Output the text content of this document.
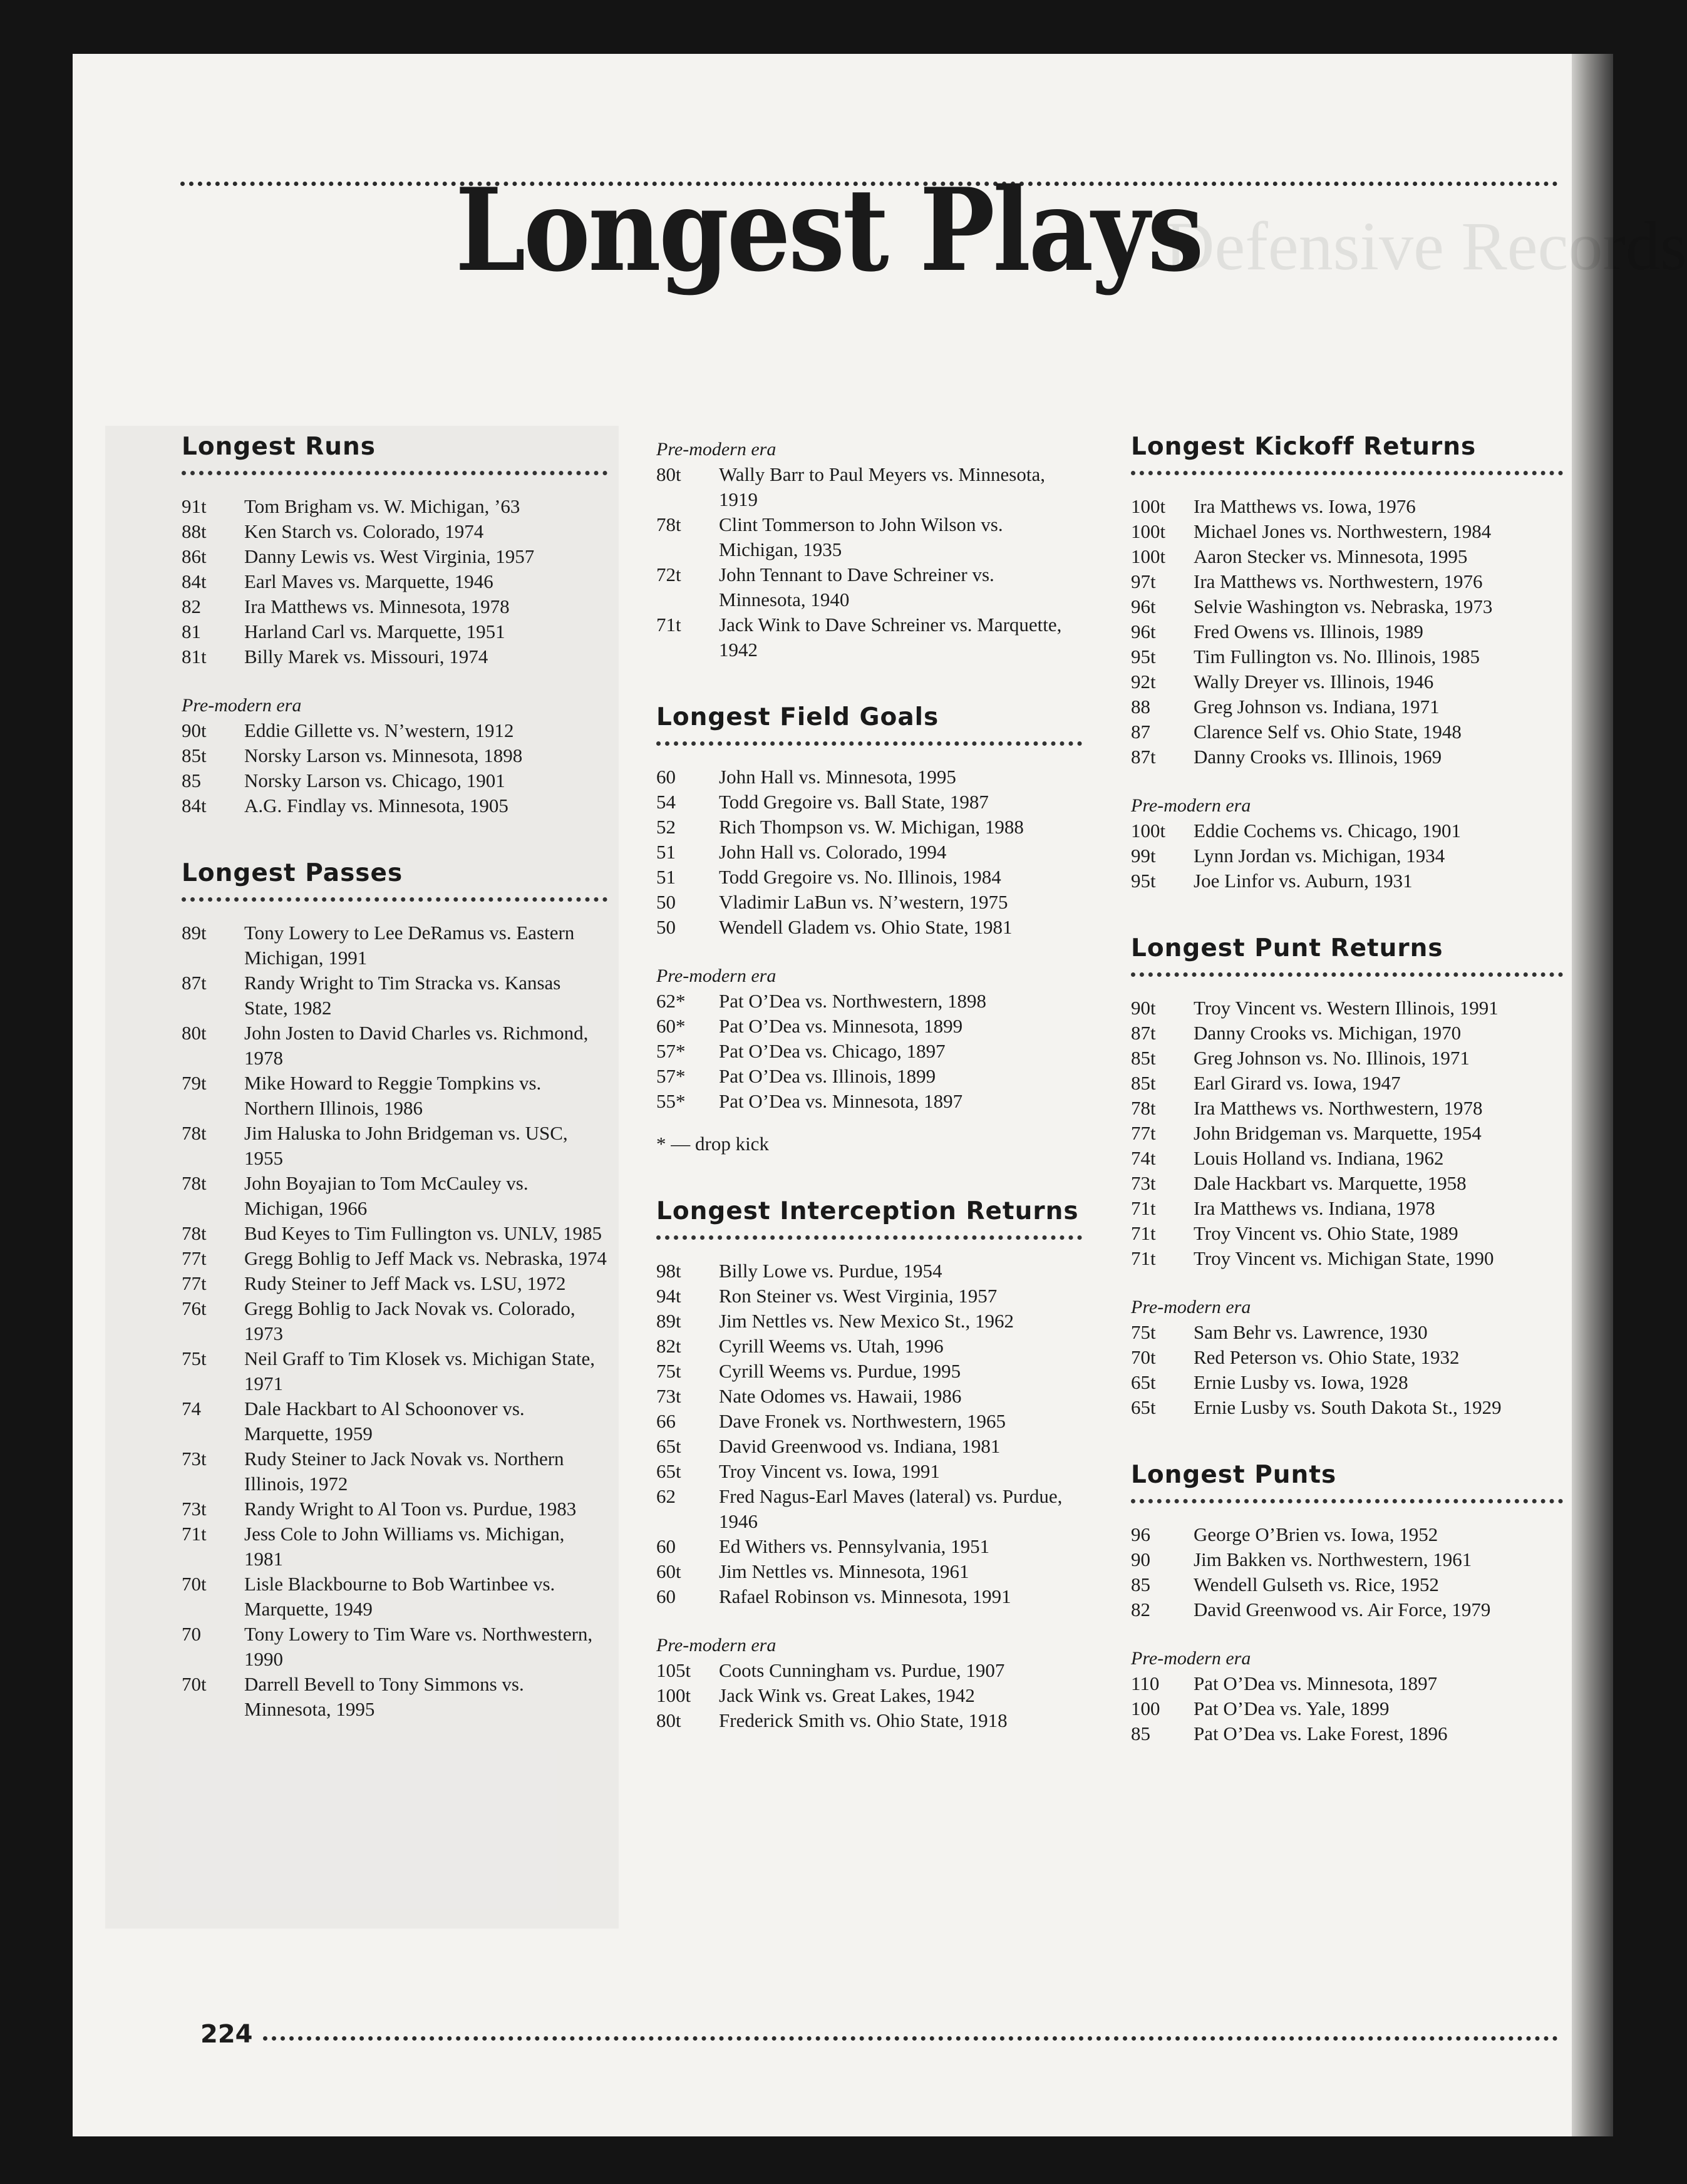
Defensive Records
Longest Plays
Longest Runs
91t	Tom Brigham vs. W. Michigan, ’63
88t	Ken Starch vs. Colorado, 1974
86t	Danny Lewis vs. West Virginia, 1957
84t	Earl Maves vs. Marquette, 1946
82	Ira Matthews vs. Minnesota, 1978
81	Harland Carl vs. Marquette, 1951
81t	Billy Marek vs. Missouri, 1974
Pre-modern era
90t	Eddie Gillette vs. N’western, 1912
85t	Norsky Larson vs. Minnesota, 1898
85	Norsky Larson vs. Chicago, 1901
84t	A.G. Findlay vs. Minnesota, 1905
Longest Passes
89t	Tony Lowery to Lee DeRamus vs. Eastern Michigan, 1991
87t	Randy Wright to Tim Stracka vs. Kansas State, 1982
80t	John Josten to David Charles vs. Richmond, 1978
79t	Mike Howard to Reggie Tompkins vs. Northern Illinois, 1986
78t	Jim Haluska to John Bridgeman vs. USC, 1955
78t	John Boyajian to Tom McCauley vs. Michigan, 1966
78t	Bud Keyes to Tim Fullington vs. UNLV, 1985
77t	Gregg Bohlig to Jeff Mack vs. Nebraska, 1974
77t	Rudy Steiner to Jeff Mack vs. LSU, 1972
76t	Gregg Bohlig to Jack Novak vs. Colorado, 1973
75t	Neil Graff to Tim Klosek vs. Michigan State, 1971
74	Dale Hackbart to Al Schoonover vs. Marquette, 1959
73t	Rudy Steiner to Jack Novak vs. Northern Illinois, 1972
73t	Randy Wright to Al Toon vs. Purdue, 1983
71t	Jess Cole to John Williams vs. Michigan, 1981
70t	Lisle Blackbourne to Bob Wartinbee vs. Marquette, 1949
70	Tony Lowery to Tim Ware vs. Northwestern, 1990
70t	Darrell Bevell to Tony Simmons vs. Minnesota, 1995
Pre-modern era
80t	Wally Barr to Paul Meyers vs. Minnesota, 1919
78t	Clint Tommerson to John Wilson vs. Michigan, 1935
72t	John Tennant to Dave Schreiner vs. Minnesota, 1940
71t	Jack Wink to Dave Schreiner vs. Marquette, 1942
Longest Field Goals
60	John Hall vs. Minnesota, 1995
54	Todd Gregoire vs. Ball State, 1987
52	Rich Thompson vs. W. Michigan, 1988
51	John Hall vs. Colorado, 1994
51	Todd Gregoire vs. No. Illinois, 1984
50	Vladimir LaBun vs. N’western, 1975
50	Wendell Gladem vs. Ohio State, 1981
Pre-modern era
62*	Pat O’Dea vs. Northwestern, 1898
60*	Pat O’Dea vs. Minnesota, 1899
57*	Pat O’Dea vs. Chicago, 1897
57*	Pat O’Dea vs. Illinois, 1899
55*	Pat O’Dea vs. Minnesota, 1897
* — drop kick
Longest Interception Returns
98t	Billy Lowe vs. Purdue, 1954
94t	Ron Steiner vs. West Virginia, 1957
89t	Jim Nettles vs. New Mexico St., 1962
82t	Cyrill Weems vs. Utah, 1996
75t	Cyrill Weems vs. Purdue, 1995
73t	Nate Odomes vs. Hawaii, 1986
66	Dave Fronek vs. Northwestern, 1965
65t	David Greenwood vs. Indiana, 1981
65t	Troy Vincent vs. Iowa, 1991
62	Fred Nagus-Earl Maves (lateral) vs. Purdue, 1946
60	Ed Withers vs. Pennsylvania, 1951
60t	Jim Nettles vs. Minnesota, 1961
60	Rafael Robinson vs. Minnesota, 1991
Pre-modern era
105t	Coots Cunningham vs. Purdue, 1907
100t	Jack Wink vs. Great Lakes, 1942
80t	Frederick Smith vs. Ohio State, 1918
Longest Kickoff Returns
100t	Ira Matthews vs. Iowa, 1976
100t	Michael Jones vs. Northwestern, 1984
100t	Aaron Stecker vs. Minnesota, 1995
97t	Ira Matthews vs. Northwestern, 1976
96t	Selvie Washington vs. Nebraska, 1973
96t	Fred Owens vs. Illinois, 1989
95t	Tim Fullington vs. No. Illinois, 1985
92t	Wally Dreyer vs. Illinois, 1946
88	Greg Johnson vs. Indiana, 1971
87	Clarence Self vs. Ohio State, 1948
87t	Danny Crooks vs. Illinois, 1969
Pre-modern era
100t	Eddie Cochems vs. Chicago, 1901
99t	Lynn Jordan vs. Michigan, 1934
95t	Joe Linfor vs. Auburn, 1931
Longest Punt Returns
90t	Troy Vincent vs. Western Illinois, 1991
87t	Danny Crooks vs. Michigan, 1970
85t	Greg Johnson vs. No. Illinois, 1971
85t	Earl Girard vs. Iowa, 1947
78t	Ira Matthews vs. Northwestern, 1978
77t	John Bridgeman vs. Marquette, 1954
74t	Louis Holland vs. Indiana, 1962
73t	Dale Hackbart vs. Marquette, 1958
71t	Ira Matthews vs. Indiana, 1978
71t	Troy Vincent vs. Ohio State, 1989
71t	Troy Vincent vs. Michigan State, 1990
Pre-modern era
75t	Sam Behr vs. Lawrence, 1930
70t	Red Peterson vs. Ohio State, 1932
65t	Ernie Lusby vs. Iowa, 1928
65t	Ernie Lusby vs. South Dakota St., 1929
Longest Punts
96	George O’Brien vs. Iowa, 1952
90	Jim Bakken vs. Northwestern, 1961
85	Wendell Gulseth vs. Rice, 1952
82	David Greenwood vs. Air Force, 1979
Pre-modern era
110	Pat O’Dea vs. Minnesota, 1897
100	Pat O’Dea vs. Yale, 1899
85	Pat O’Dea vs. Lake Forest, 1896
224
